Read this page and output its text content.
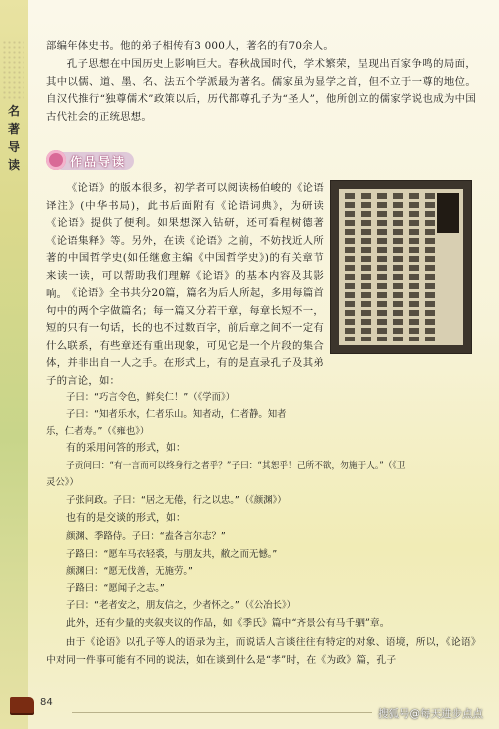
名
著
导
读

部编年体史书。他的弟子相传有3 000人，著名的有70余人。

孔子思想在中国历史上影响巨大。春秋战国时代，学术繁荣，呈现出百家争鸣的局面，其中以儒、道、墨、名、法五个学派最为著名。儒家虽为显学之首，但不立于一尊的地位。自汉代推行“独尊儒术”政策以后，历代都尊孔子为“圣人”，他所创立的儒家学说也成为中国古代社会的正统思想。

作品导读

《论语》的版本很多，初学者可以阅读杨伯峻的《论语译注》(中华书局)，此书后面附有《论语词典》，为研读《论语》提供了便利。如果想深入钻研，还可看程树德著《论语集释》等。另外，在读《论语》之前，不妨找近人所著的中国哲学史(如任继愈主编《中国哲学史》)的有关章节来读一读，可以帮助我们理解《论语》的基本内容及其影响。 《论语》全书共分20篇，篇名为后人所起，多用每篇首句中的两个字做篇名；每一篇又分若干章，每章长短不一，短的只有一句话，长的也不过数百字，前后章之间不一定有什么联系，有些章还有重出现象，可见它是一个片段的集合体，并非出自一人之手。在形式上，有的是直录孔子及其弟子的言论，如：

子曰：“巧言令色，鲜矣仁！”（《学而》）

子曰：“知者乐水，仁者乐山。知者动，仁者静。知者

乐，仁者寿。”（《雍也》）

有的采用问答的形式，如：

子贡问曰：“有一言而可以终身行之者乎？”子曰：“其恕乎！己所不欲，勿施于人。”（《卫

灵公》）

子张问政。子曰：“居之无倦，行之以忠。”（《颜渊》）

也有的是交谈的形式，如：

颜渊、季路侍。子曰：“盍各言尔志？”

子路曰：“愿车马衣轻裘，与朋友共，敝之而无憾。”

颜渊曰：“愿无伐善，无施劳。”

子路曰：“愿闻子之志。”

子曰：“老者安之，朋友信之，少者怀之。”（《公冶长》）

此外，还有少量的夹叙夹议的作品，如《季氏》篇中“齐景公有马千驷”章。

由于《论语》以孔子等人的语录为主，而说话人言谈往往有特定的对象、语境，所以，《论语》中对同一件事可能有不同的说法，如在谈到什么是“孝”时，在《为政》篇，孔子

84
搜狐号@每天进步点点
